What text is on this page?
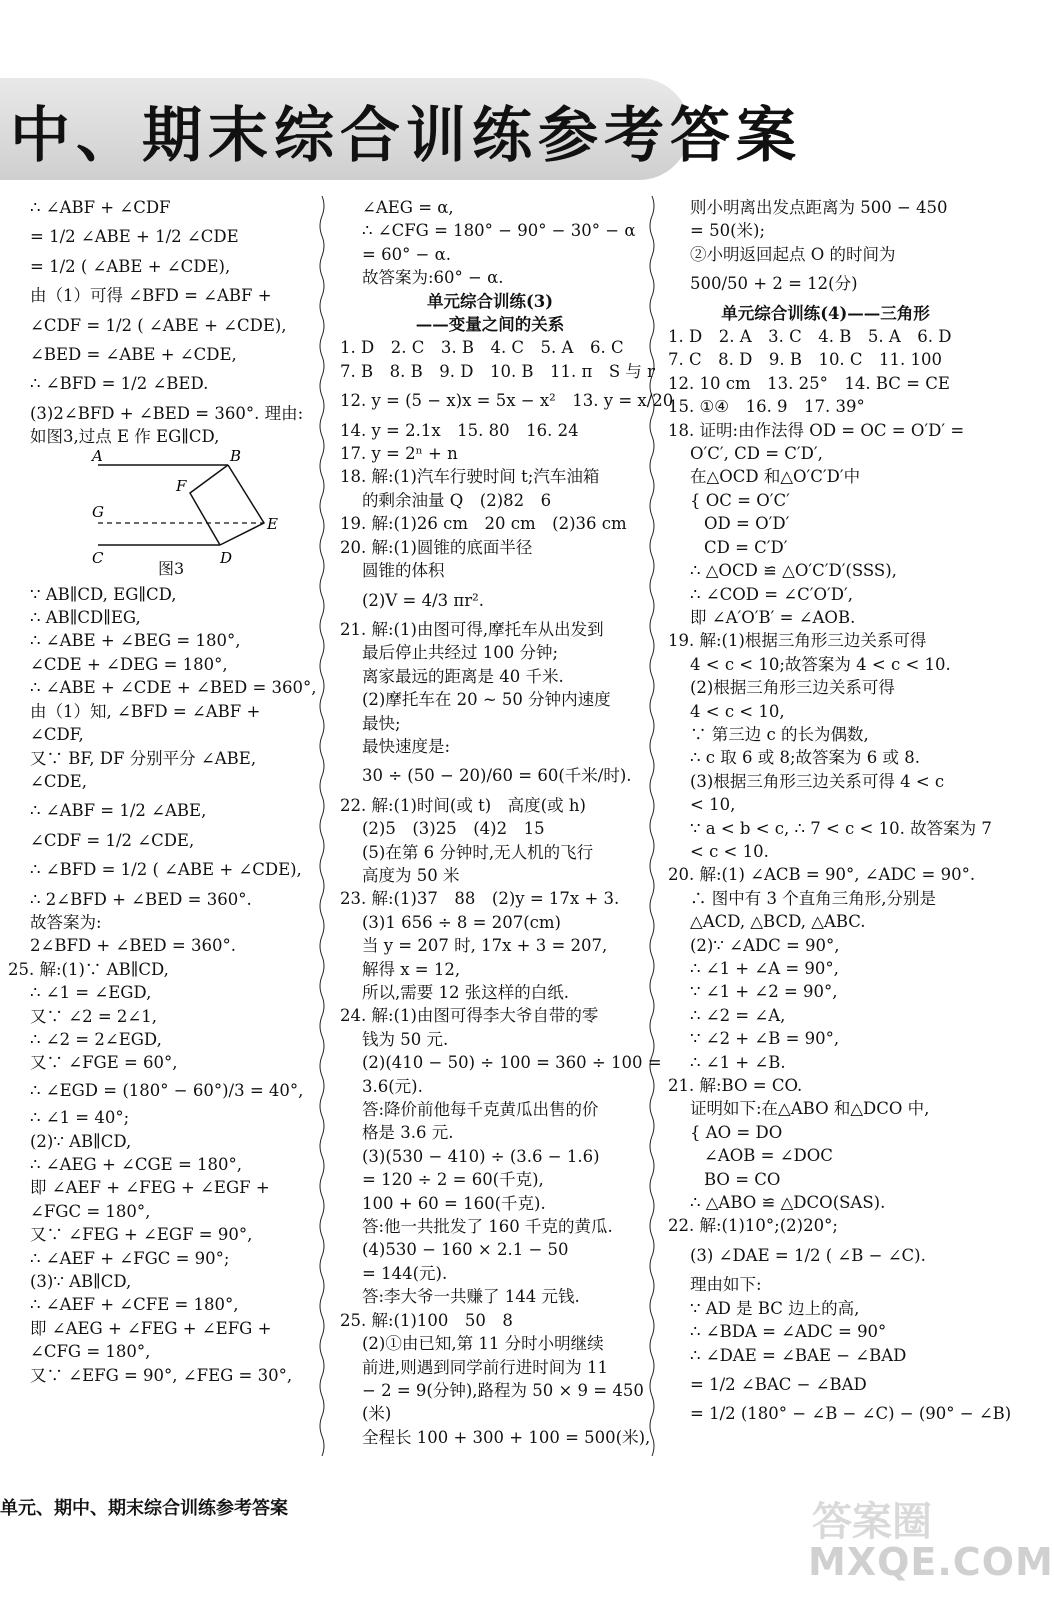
中、期末综合训练参考答案
∴ ∠ABF + ∠CDF
= 1/2 ∠ABE + 1/2 ∠CDE
= 1/2 ( ∠ABE + ∠CDE),
由（1）可得 ∠BFD = ∠ABF +
∠CDF = 1/2 ( ∠ABE + ∠CDE),
∠BED = ∠ABE + ∠CDE,
∴ ∠BFD = 1/2 ∠BED.
(3)2∠BFD + ∠BED = 360°. 理由:
如图3,过点 E 作 EG∥CD,
A	B
F
G
E
C	D
图3
∵ AB∥CD, EG∥CD,
∴ AB∥CD∥EG,
∴ ∠ABE + ∠BEG = 180°,
∠CDE + ∠DEG = 180°,
∴ ∠ABE + ∠CDE + ∠BED = 360°,
由（1）知, ∠BFD = ∠ABF +
∠CDF,
又∵ BF, DF 分别平分 ∠ABE,
∠CDE,
∴ ∠ABF = 1/2 ∠ABE,
∠CDF = 1/2 ∠CDE,
∴ ∠BFD = 1/2 ( ∠ABE + ∠CDE),
∴ 2∠BFD + ∠BED = 360°.
故答案为:
2∠BFD + ∠BED = 360°.
25. 解:(1)∵ AB∥CD,
∴ ∠1 = ∠EGD,
又∵ ∠2 = 2∠1,
∴ ∠2 = 2∠EGD,
又∵ ∠FGE = 60°,
∴ ∠EGD = (180° − 60°)/3 = 40°,
∴ ∠1 = 40°;
(2)∵ AB∥CD,
∴ ∠AEG + ∠CGE = 180°,
即 ∠AEF + ∠FEG + ∠EGF +
∠FGC = 180°,
又∵ ∠FEG + ∠EGF = 90°,
∴ ∠AEF + ∠FGC = 90°;
(3)∵ AB∥CD,
∴ ∠AEF + ∠CFE = 180°,
即 ∠AEG + ∠FEG + ∠EFG +
∠CFG = 180°,
又∵ ∠EFG = 90°, ∠FEG = 30°,
∠AEG = α,
∴ ∠CFG = 180° − 90° − 30° − α
= 60° − α.
故答案为:60° − α.
单元综合训练(3)
——变量之间的关系
1. D　2. C　3. B　4. C　5. A　6. C
7. B　8. B　9. D　10. B　11. π　S 与 r
12. y = (5 − x)x = 5x − x²　13. y = x/20
14. y = 2.1x　15. 80　16. 24
17. y = 2ⁿ + n
18. 解:(1)汽车行驶时间 t;汽车油箱
的剩余油量 Q　(2)82　6
19. 解:(1)26 cm　20 cm　(2)36 cm
20. 解:(1)圆锥的底面半径
圆锥的体积
(2)V = 4/3 πr².
21. 解:(1)由图可得,摩托车从出发到
最后停止共经过 100 分钟;
离家最远的距离是 40 千米.
(2)摩托车在 20 ~ 50 分钟内速度
最快;
最快速度是:
30 ÷ (50 − 20)/60 = 60(千米/时).
22. 解:(1)时间(或 t)　高度(或 h)
(2)5　(3)25　(4)2　15
(5)在第 6 分钟时,无人机的飞行
高度为 50 米
23. 解:(1)37　88　(2)y = 17x + 3.
(3)1 656 ÷ 8 = 207(cm)
当 y = 207 时, 17x + 3 = 207,
解得 x = 12,
所以,需要 12 张这样的白纸.
24. 解:(1)由图可得李大爷自带的零
钱为 50 元.
(2)(410 − 50) ÷ 100 = 360 ÷ 100 =
3.6(元).
答:降价前他每千克黄瓜出售的价
格是 3.6 元.
(3)(530 − 410) ÷ (3.6 − 1.6)
= 120 ÷ 2 = 60(千克),
100 + 60 = 160(千克).
答:他一共批发了 160 千克的黄瓜.
(4)530 − 160 × 2.1 − 50
= 144(元).
答:李大爷一共赚了 144 元钱.
25. 解:(1)100　50　8
(2)①由已知,第 11 分时小明继续
前进,则遇到同学前行进时间为 11
− 2 = 9(分钟),路程为 50 × 9 = 450
(米)
全程长 100 + 300 + 100 = 500(米),
则小明离出发点距离为 500 − 450
= 50(米);
②小明返回起点 O 的时间为
500/50 + 2 = 12(分)
单元综合训练(4)——三角形
1. D　2. A　3. C　4. B　5. A　6. D
7. C　8. D　9. B　10. C　11. 100
12. 10 cm　13. 25°　14. BC = CE
15. ①④　16. 9　17. 39°
18. 证明:由作法得 OD = OC = O′D′ =
O′C′, CD = C′D′,
在△OCD 和△O′C′D′中
{ OC = O′C′
OD = O′D′
CD = C′D′
∴ △OCD ≌ △O′C′D′(SSS),
∴ ∠COD = ∠C′O′D′,
即 ∠A′O′B′ = ∠AOB.
19. 解:(1)根据三角形三边关系可得
4 < c < 10;故答案为 4 < c < 10.
(2)根据三角形三边关系可得
4 < c < 10,
∵ 第三边 c 的长为偶数,
∴ c 取 6 或 8;故答案为 6 或 8.
(3)根据三角形三边关系可得 4 < c
< 10,
∵ a < b < c, ∴ 7 < c < 10. 故答案为 7
< c < 10.
20. 解:(1) ∠ACB = 90°, ∠ADC = 90°.
∴ 图中有 3 个直角三角形,分别是
△ACD, △BCD, △ABC.
(2)∵ ∠ADC = 90°,
∴ ∠1 + ∠A = 90°,
∵ ∠1 + ∠2 = 90°,
∴ ∠2 = ∠A,
∵ ∠2 + ∠B = 90°,
∴ ∠1 + ∠B.
21. 解:BO = CO.
证明如下:在△ABO 和△DCO 中,
{ AO = DO
∠AOB = ∠DOC
BO = CO
∴ △ABO ≌ △DCO(SAS).
22. 解:(1)10°;(2)20°;
(3) ∠DAE = 1/2 ( ∠B − ∠C).
理由如下:
∵ AD 是 BC 边上的高,
∴ ∠BDA = ∠ADC = 90°
∴ ∠DAE = ∠BAE − ∠BAD
= 1/2 ∠BAC − ∠BAD
= 1/2 (180° − ∠B − ∠C) − (90° − ∠B)
单元、期中、期末综合训练参考答案	答案圈
MXQE.COM
